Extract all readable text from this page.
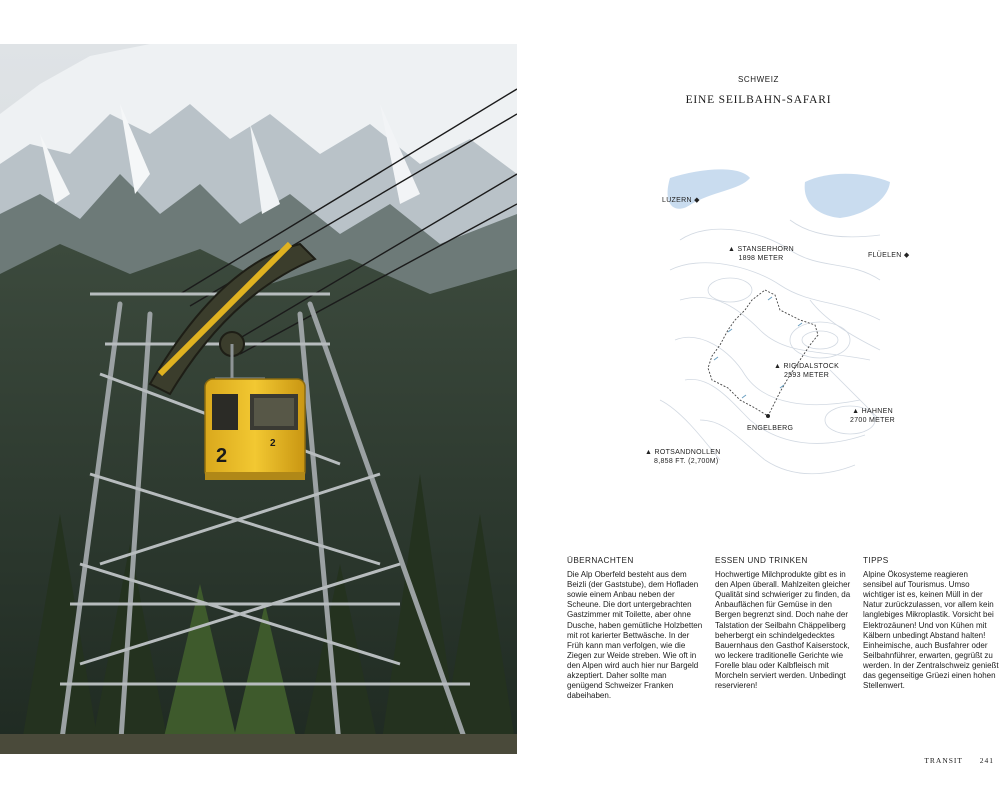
2
2
SCHWEIZ
EINE SEILBAHN-SAFARI
LUZERN ◆
▲ STANSERHORN
1898 METER	FLÜELEN ◆
▲ RIGIDALSTOCK
2593 METER
▲ HAHNEN
2700 METER
ENGELBERG
▲ ROTSANDNOLLEN
8,858 FT. (2,700M)
ÜBERNACHTEN

Die Alp Oberfeld besteht aus dem Beizli (der Gaststube), dem Hofladen sowie einem Anbau neben der Scheune. Die dort untergebrachten Gastzimmer mit Toilette, aber ohne Dusche, haben gemütliche Holzbetten mit rot karierter Bettwäsche. In der Früh kann man verfolgen, wie die Ziegen zur Weide streben. Wie oft in den Alpen wird auch hier nur Bargeld akzeptiert. Daher sollte man genügend Schweizer Franken dabeihaben.

ESSEN UND TRINKEN

Hochwertige Milchprodukte gibt es in den Alpen überall. Mahlzeiten gleicher Qualität sind schwieriger zu finden, da Anbauflächen für Gemüse in den Bergen begrenzt sind. Doch nahe der Talstation der Seilbahn Chäppeliberg beherbergt ein schindelgedecktes Bauernhaus den Gasthof Kaiserstock, wo leckere traditionelle Gerichte wie Forelle blau oder Kalbfleisch mit Morcheln serviert werden. Unbedingt reservieren!

TIPPS

Alpine Ökosysteme reagieren sensibel auf Tourismus. Umso wichtiger ist es, keinen Müll in der Natur zurückzulassen, vor allem kein langlebiges Mikroplastik. Vorsicht bei Elektrozäunen! Und von Kühen mit Kälbern unbedingt Abstand halten! Einheimische, auch Busfahrer oder Seilbahnführer, erwarten, gegrüßt zu werden. In der Zentralschweiz genießt das gegenseitige Grüezi einen hohen Stellenwert.

TRANSIT 241
